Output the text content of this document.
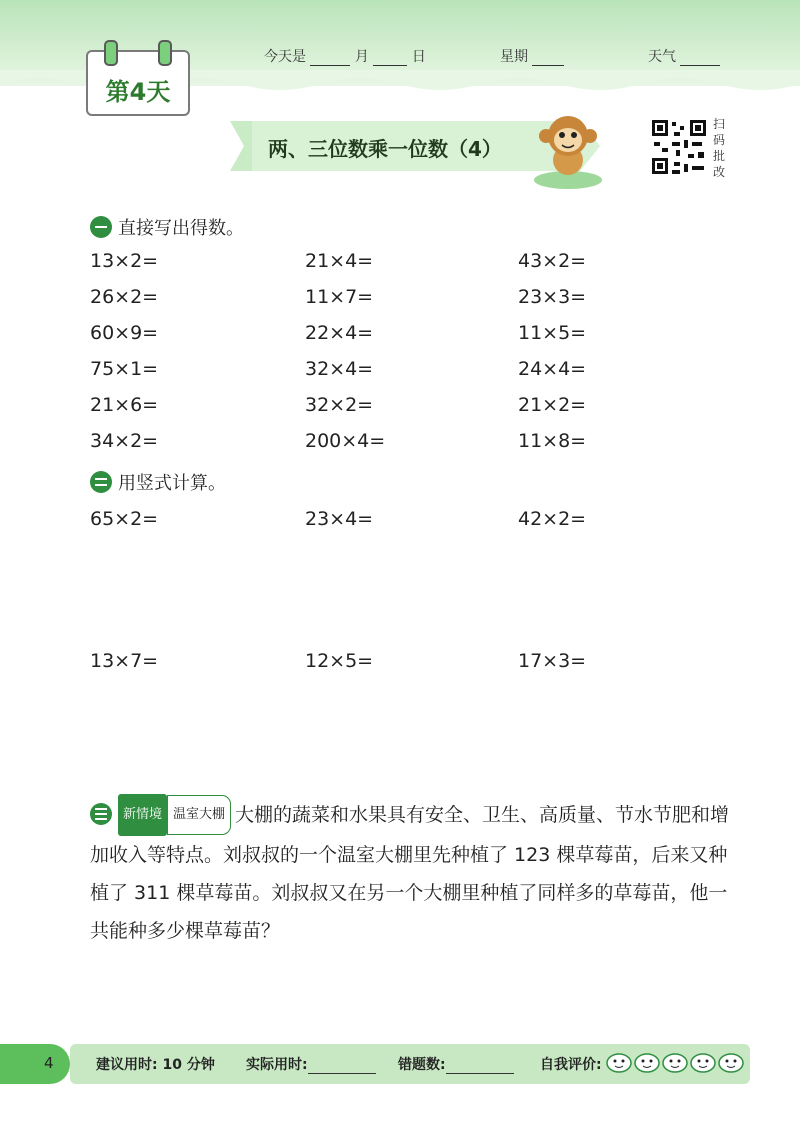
第4天
今天是	月	日	星期	天气
两、三位数乘一位数（4）
扫码批改
直接写出得数。
13×2=	21×4=	43×2=
26×2=	11×7=	23×3=
60×9=	22×4=	11×5=
75×1=	32×4=	24×4=
21×6=	32×2=	21×2=
34×2=	200×4=	11×8=
用竖式计算。
65×2=	23×4=	42×2=
13×7=	12×5=	17×3=
新情境 温室大棚 大棚的蔬菜和水果具有安全、卫生、高质量、节水节肥和增加收入等特点。刘叔叔的一个温室大棚里先种植了 123 棵草莓苗，后来又种植了 311 棵草莓苗。刘叔叔又在另一个大棚里种植了同样多的草莓苗，他一共能种多少棵草莓苗？
4	建议用时: 10 分钟 实际用时:	错题数:	自我评价:
